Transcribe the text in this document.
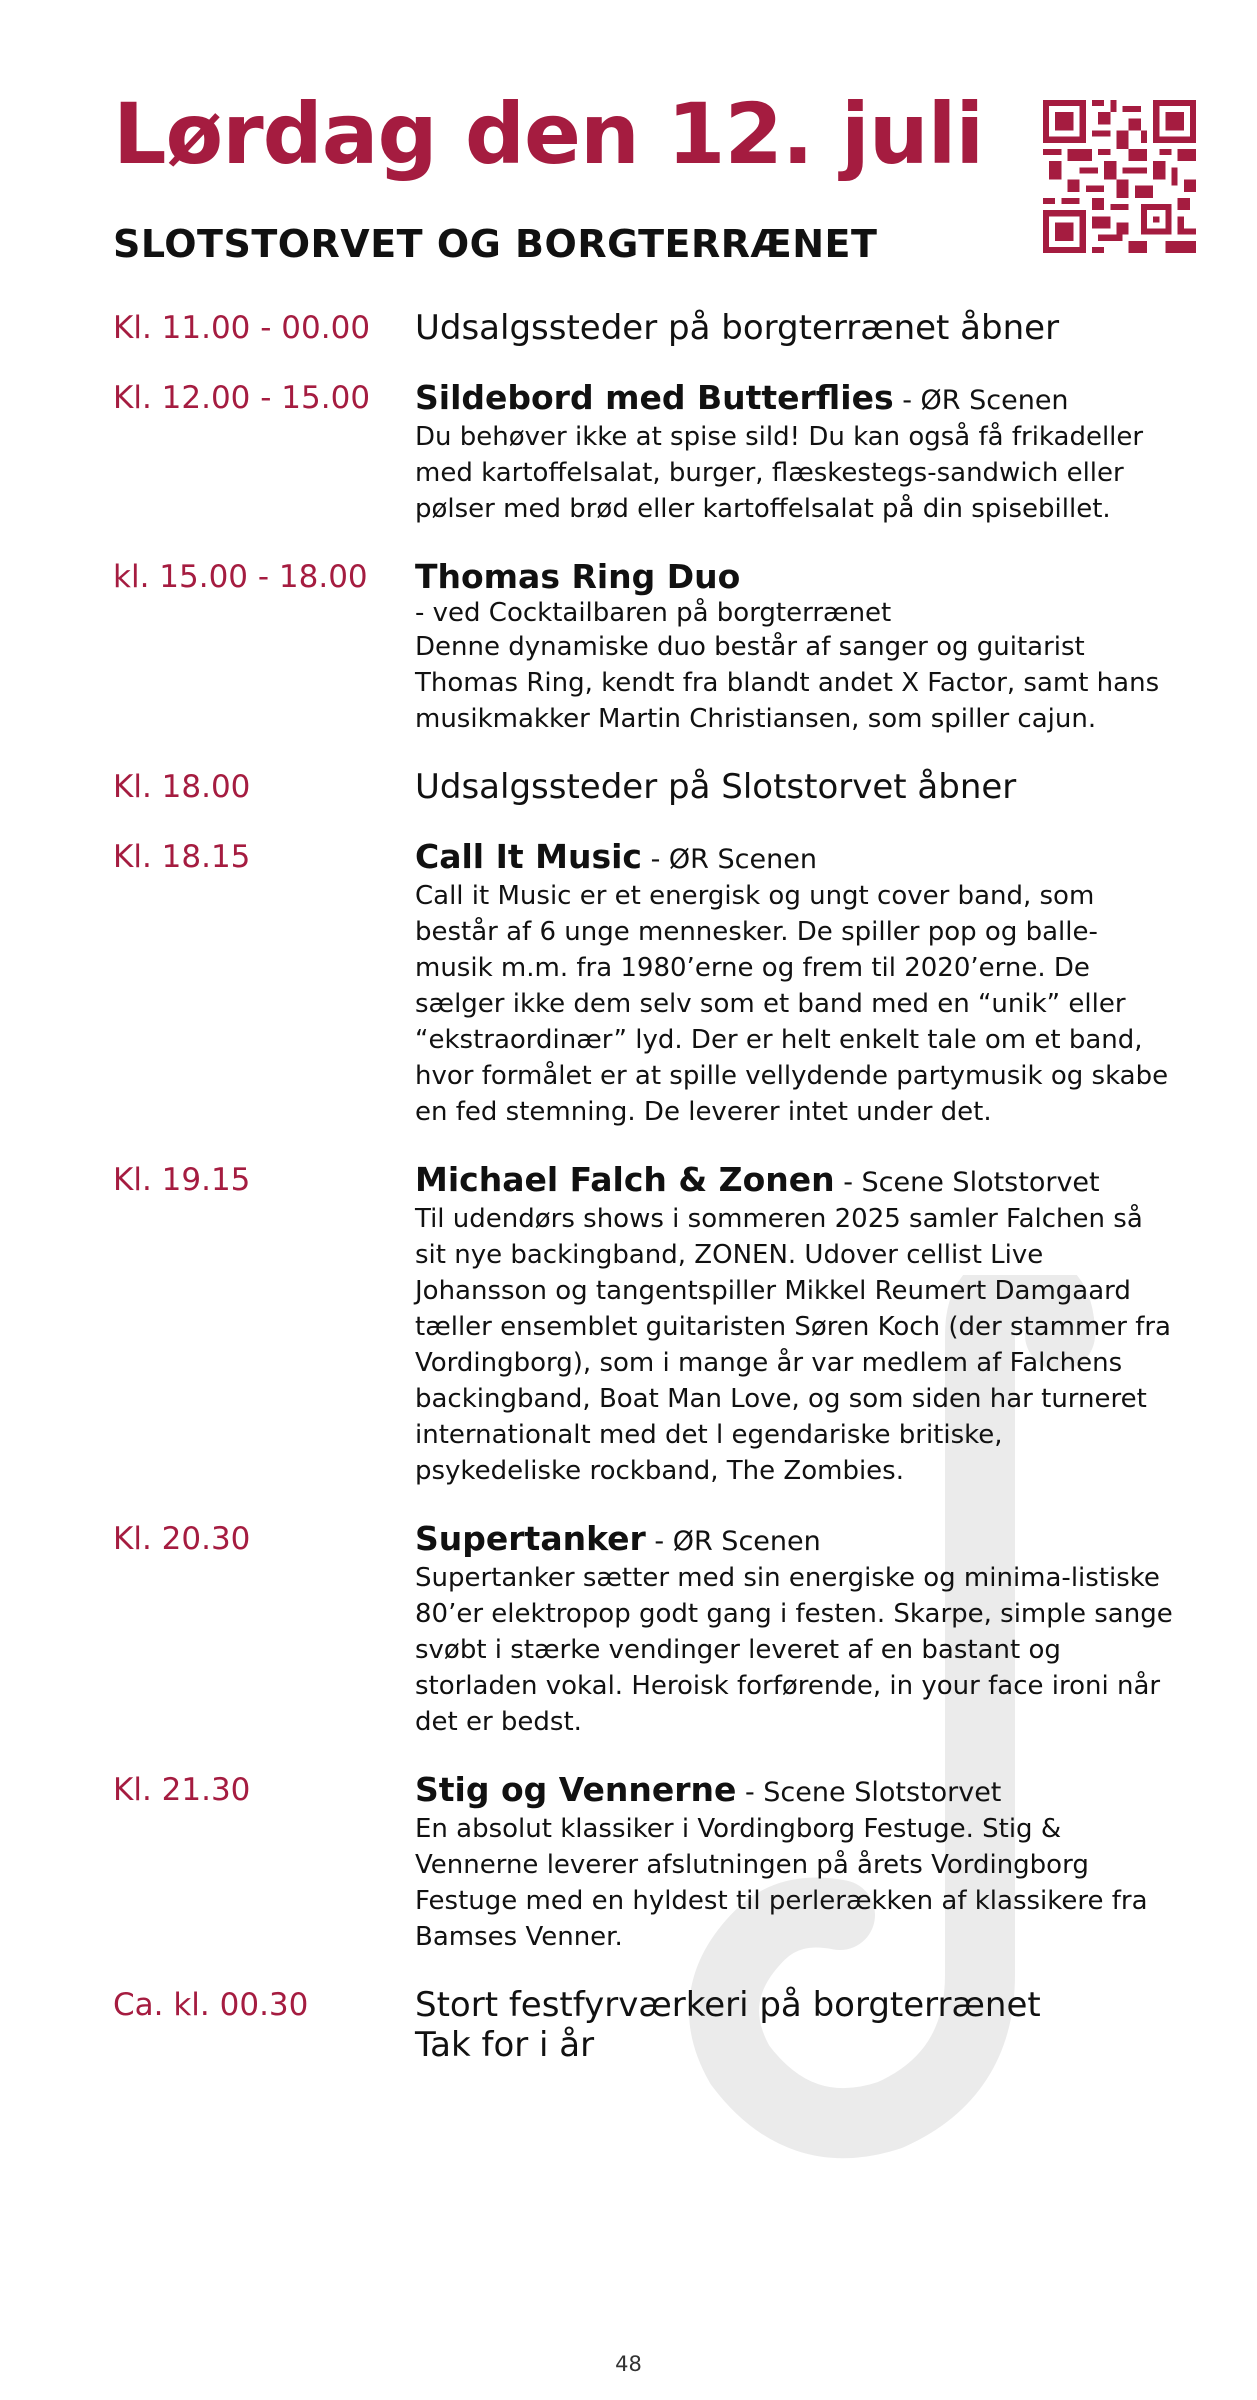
Lørdag den 12. juli
SLOTSTORVET OG BORGTERRÆNET
Kl. 11.00 - 00.00	Udsalgssteder på borgterrænet åbner
Kl. 12.00 - 15.00	Sildebord med Butterflies - ØR Scenen
Du behøver ikke at spise sild! Du kan også få frikadeller med kartoffelsalat, burger, flæskestegs-sandwich eller pølser med brød eller kartoffelsalat på din spisebillet.
kl. 15.00 - 18.00	Thomas Ring Duo
- ved Cocktailbaren på borgterrænet
Denne dynamiske duo består af sanger og guitarist Thomas Ring, kendt fra blandt andet X Factor, samt hans musikmakker Martin Christiansen, som spiller cajun.
Kl. 18.00	Udsalgssteder på Slotstorvet åbner
Kl. 18.15	Call It Music - ØR Scenen
Call it Music er et energisk og ungt cover band, som består af 6 unge mennesker. De spiller pop og balle-musik m.m. fra 1980’erne og frem til 2020’erne. De sælger ikke dem selv som et band med en “unik” eller “ekstraordinær” lyd. Der er helt enkelt tale om et band, hvor formålet er at spille vellydende partymusik og skabe en fed stemning. De leverer intet under det.
Kl. 19.15	Michael Falch & Zonen - Scene Slotstorvet
Til udendørs shows i sommeren 2025 samler Falchen så sit nye backingband, ZONEN. Udover cellist Live Johansson og tangentspiller Mikkel Reumert Damgaard tæller ensemblet guitaristen Søren Koch (der stammer fra Vordingborg), som i mange år var medlem af Falchens backingband, Boat Man Love, og som siden har turneret internationalt med det l egendariske britiske, psykedeliske rockband, The Zombies.
Kl. 20.30	Supertanker - ØR Scenen
Supertanker sætter med sin energiske og minima-listiske 80’er elektropop godt gang i festen. Skarpe, simple sange svøbt i stærke vendinger leveret af en bastant og storladen vokal. Heroisk forførende, in your face ironi når det er bedst.
Kl. 21.30	Stig og Vennerne - Scene Slotstorvet
En absolut klassiker i Vordingborg Festuge. Stig & Vennerne leverer afslutningen på årets Vordingborg Festuge med en hyldest til perlerækken af klassikere fra Bamses Venner.
Ca. kl. 00.30	Stort festfyrværkeri på borgterrænet
Tak for i år
48
